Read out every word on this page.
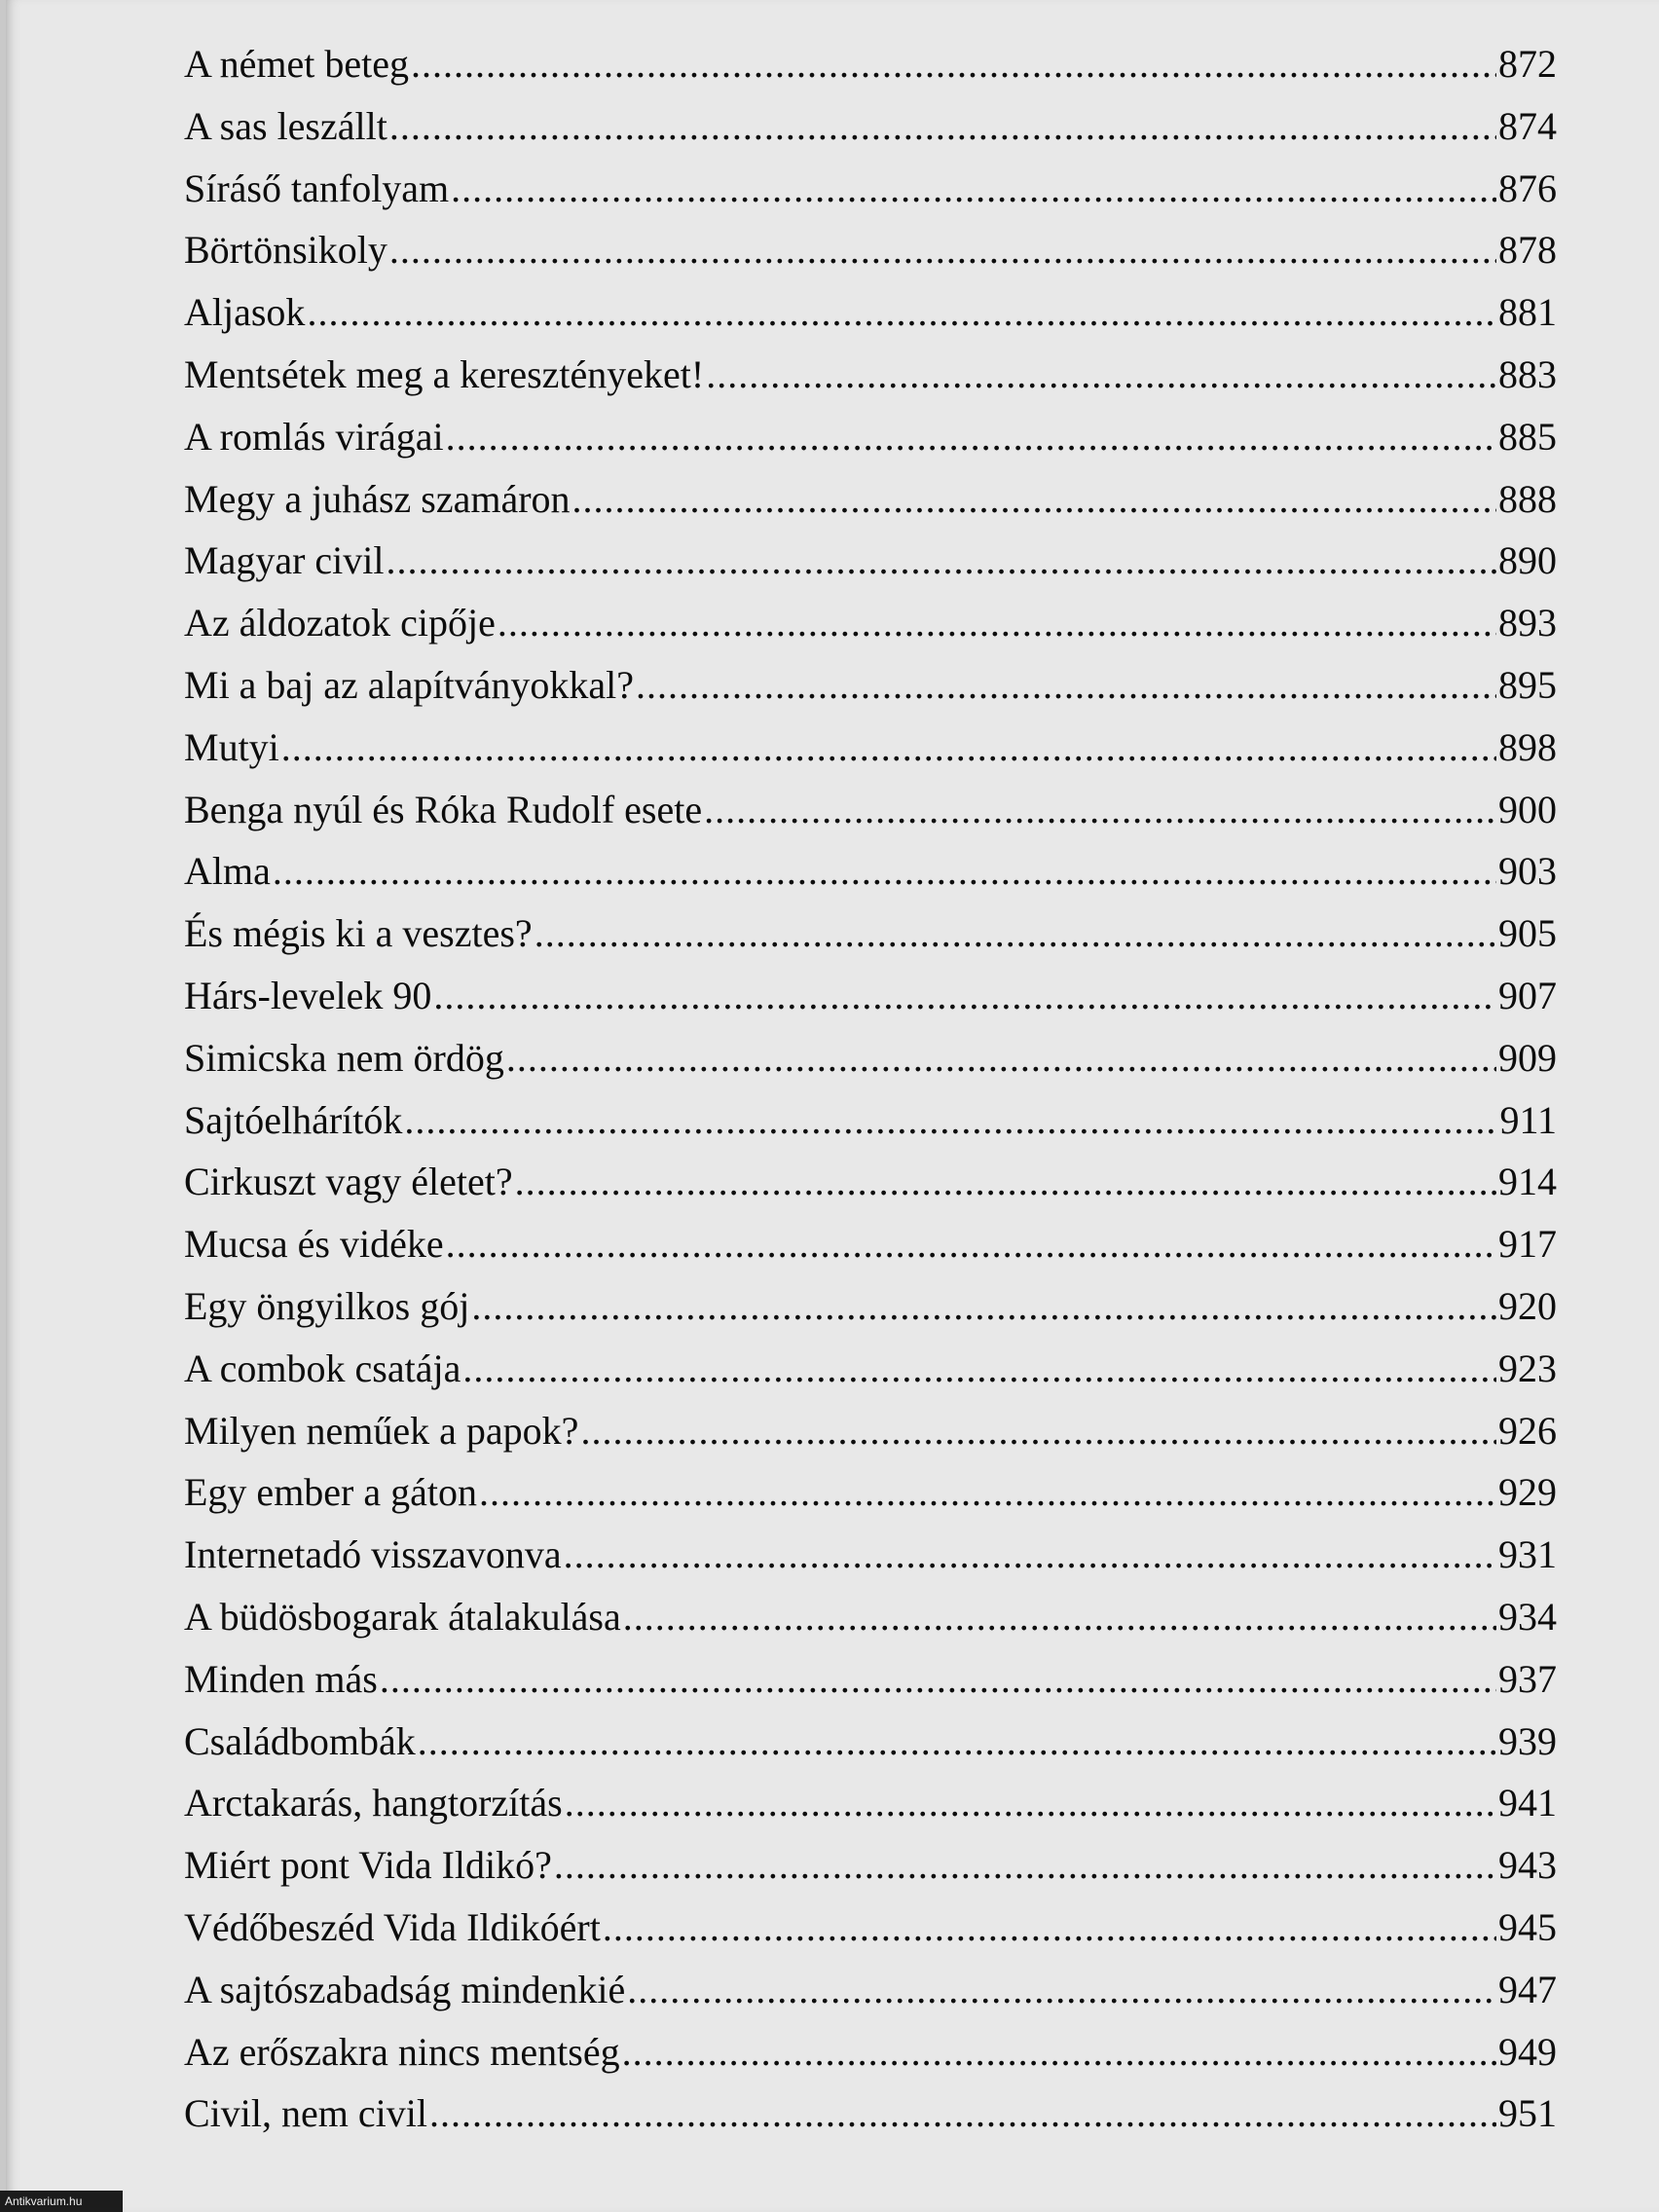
A német beteg .....	872
A sas leszállt .....	874
Síráső tanfolyam .....	876
Börtönsikoly .....	878
Aljasok .....	881
Mentsétek meg a keresztényeket! .....	883
A romlás virágai .....	885
Megy a juhász szamáron .....	888
Magyar civil .....	890
Az áldozatok cipője .....	893
Mi a baj az alapítványokkal? .....	895
Mutyi .....	898
Benga nyúl és Róka Rudolf esete .....	900
Alma .....	903
És mégis ki a vesztes? .....	905
Hárs-levelek 90 .....	907
Simicska nem ördög .....	909
Sajtóelhárítók .....	911
Cirkuszt vagy életet? .....	914
Mucsa és vidéke .....	917
Egy öngyilkos gój .....	920
A combok csatája .....	923
Milyen neműek a papok? .....	926
Egy ember a gáton .....	929
Internetadó visszavonva .....	931
A büdösbogarak átalakulása .....	934
Minden más .....	937
Családbombák .....	939
Arctakarás, hangtorzítás .....	941
Miért pont Vida Ildikó? .....	943
Védőbeszéd Vida Ildikóért .....	945
A sajtószabadság mindenkié .....	947
Az erőszakra nincs mentség .....	949
Civil, nem civil .....	951
Antikvarium.hu
